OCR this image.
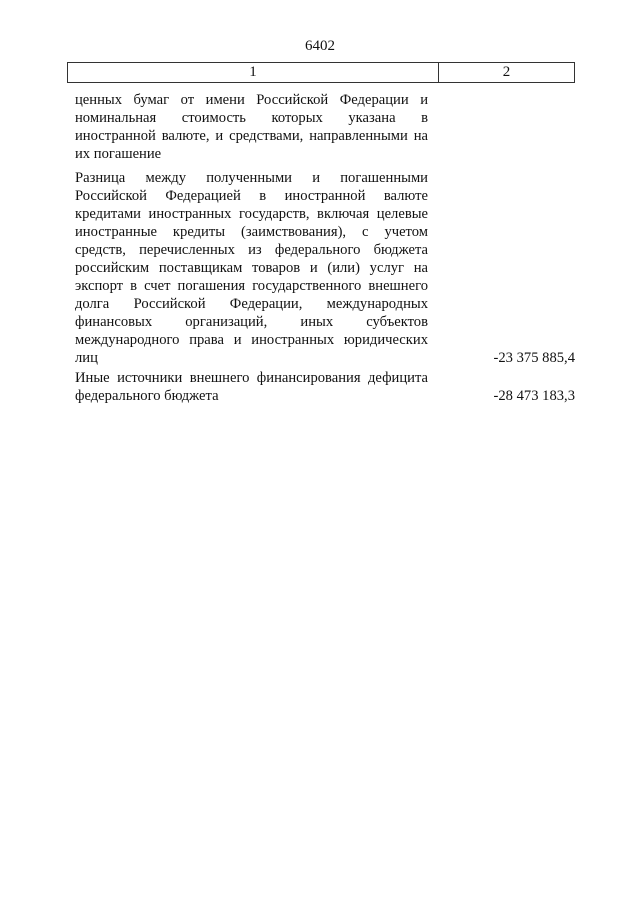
6402
1	2
ценных бумаг от имени Российской Федерации и
номинальная стоимость которых указана в
иностранной валюте, и средствами, направленными на
их погашение
Разница между полученными и погашенными
Российской Федерацией в иностранной валюте
кредитами иностранных государств, включая целевые
иностранные кредиты (заимствования), с учетом
средств, перечисленных из федерального бюджета
российским поставщикам товаров и (или) услуг на
экспорт в счет погашения государственного внешнего
долга Российской Федерации, международных
финансовых организаций, иных субъектов
международного права и иностранных юридических
лиц	-23 375 885,4
Иные источники внешнего финансирования дефицита
федерального бюджета	-28 473 183,3
